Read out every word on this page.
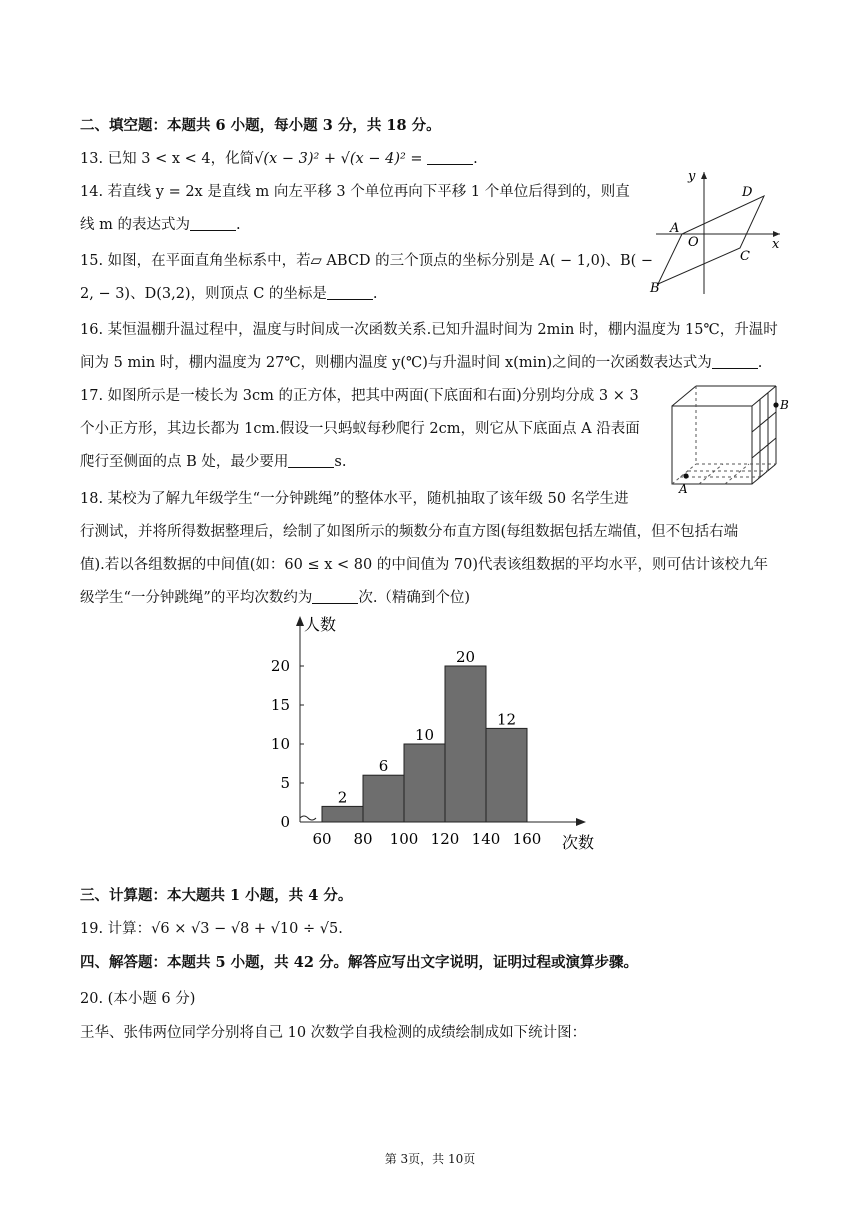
二、填空题：本题共 6 小题，每小题 3 分，共 18 分。
13. 已知 3 < x < 4，化简√(x − 3)² + √(x − 4)² =	.
14. 若直线 y = 2x 是直线 m 向左平移 3 个单位再向下平移 1 个单位后得到的，则直
线 m 的表达式为	.
15. 如图，在平面直角坐标系中，若▱ ABCD 的三个顶点的坐标分别是 A( − 1,0)、B( −
2, − 3)、D(3,2)，则顶点 C 的坐标是	.
y
x
O
A
B
C
D
16. 某恒温棚升温过程中，温度与时间成一次函数关系.已知升温时间为 2min 时，棚内温度为 15℃，升温时
间为 5 min 时，棚内温度为 27℃，则棚内温度 y(℃)与升温时间 x(min)之间的一次函数表达式为	.
17. 如图所示是一棱长为 3cm 的正方体，把其中两面(下底面和右面)分别均分成 3 × 3
个小正方形，其边长都为 1cm.假设一只蚂蚁每秒爬行 2cm，则它从下底面点 A 沿表面
爬行至侧面的点 B 处，最少要用	s.
A
B
18. 某校为了解九年级学生“一分钟跳绳”的整体水平，随机抽取了该年级 50 名学生进
行测试，并将所得数据整理后，绘制了如图所示的频数分布直方图(每组数据包括左端值，但不包括右端
值).若以各组数据的中间值(如：60 ≤ x < 80 的中间值为 70)代表该组数据的平均水平，则可估计该校九年
级学生“一分钟跳绳”的平均次数约为	次.（精确到个位)
0
5
10
15
20
2
6
10
20
12
60 80 100 120 140 160
人数
次数
三、计算题：本大题共 1 小题，共 4 分。
19. 计算：√6 × √3 − √8 + √10 ÷ √5.
四、解答题：本题共 5 小题，共 42 分。解答应写出文字说明，证明过程或演算步骤。
20. (本小题 6 分)
王华、张伟两位同学分别将自己 10 次数学自我检测的成绩绘制成如下统计图：
第 3页，共 10页
